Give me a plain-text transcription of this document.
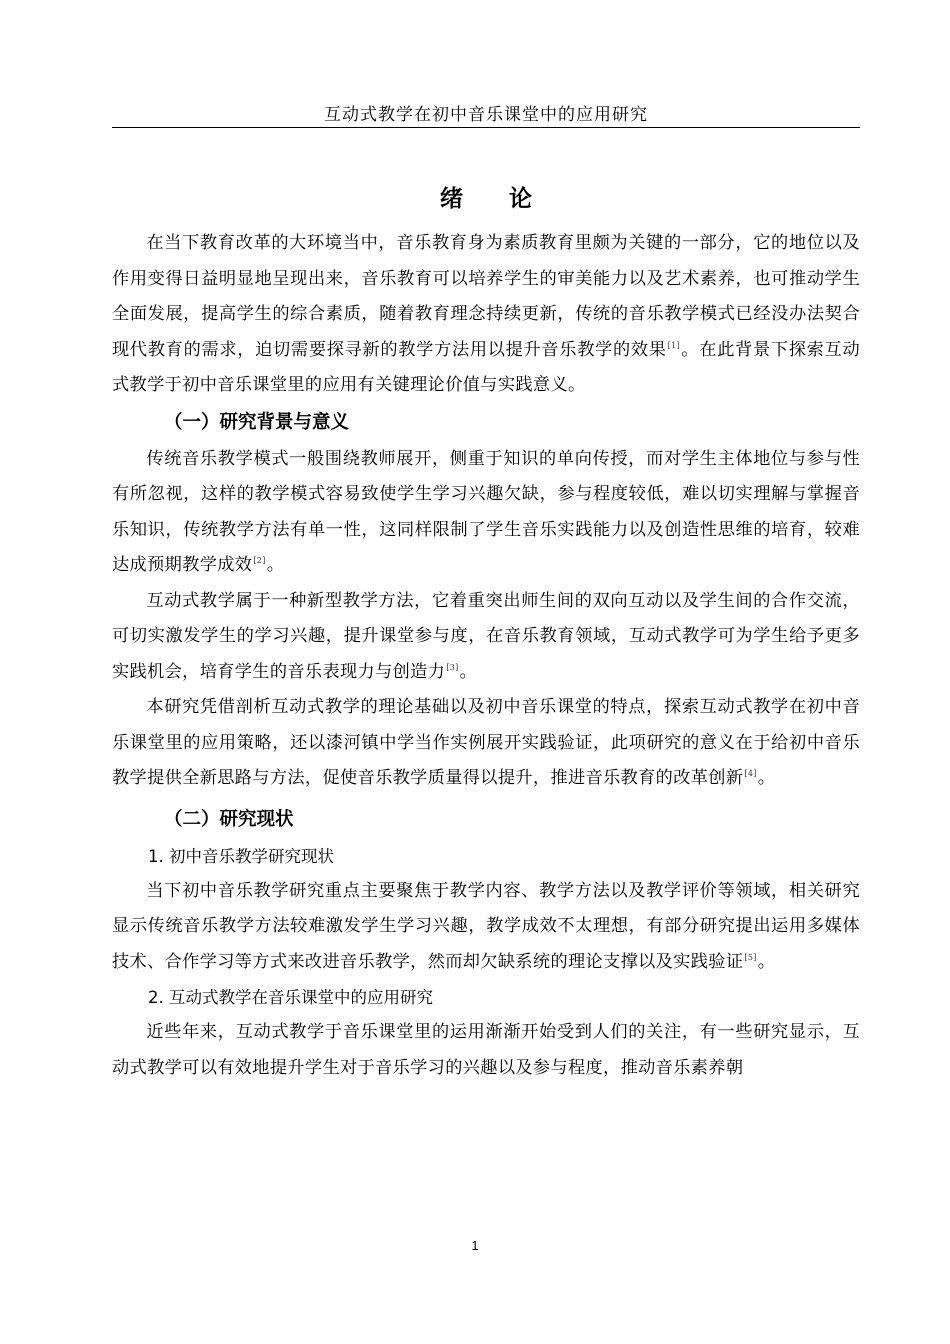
互动式教学在初中音乐课堂中的应用研究
绪 论

在当下教育改革的大环境当中，音乐教育身为素质教育里颇为关键的一部分，它的地位以及作用变得日益明显地呈现出来，音乐教育可以培养学生的审美能力以及艺术素养，也可推动学生全面发展，提高学生的综合素质，随着教育理念持续更新，传统的音乐教学模式已经没办法契合现代教育的需求，迫切需要探寻新的教学方法用以提升音乐教学的效果[1]。在此背景下探索互动式教学于初中音乐课堂里的应用有关键理论价值与实践意义。

（一）研究背景与意义

传统音乐教学模式一般围绕教师展开，侧重于知识的单向传授，而对学生主体地位与参与性有所忽视，这样的教学模式容易致使学生学习兴趣欠缺，参与程度较低，难以切实理解与掌握音乐知识，传统教学方法有单一性，这同样限制了学生音乐实践能力以及创造性思维的培育，较难达成预期教学成效[2]。

互动式教学属于一种新型教学方法，它着重突出师生间的双向互动以及学生间的合作交流，可切实激发学生的学习兴趣，提升课堂参与度，在音乐教育领域，互动式教学可为学生给予更多实践机会，培育学生的音乐表现力与创造力[3]。

本研究凭借剖析互动式教学的理论基础以及初中音乐课堂的特点，探索互动式教学在初中音乐课堂里的应用策略，还以漆河镇中学当作实例展开实践验证，此项研究的意义在于给初中音乐教学提供全新思路与方法，促使音乐教学质量得以提升，推进音乐教育的改革创新[4]。

（二）研究现状
1. 初中音乐教学研究现状

当下初中音乐教学研究重点主要聚焦于教学内容、教学方法以及教学评价等领域，相关研究显示传统音乐教学方法较难激发学生学习兴趣，教学成效不太理想，有部分研究提出运用多媒体技术、合作学习等方式来改进音乐教学，然而却欠缺系统的理论支撑以及实践验证[5]。

2. 互动式教学在音乐课堂中的应用研究

近些年来，互动式教学于音乐课堂里的运用渐渐开始受到人们的关注，有一些研究显示，互动式教学可以有效地提升学生对于音乐学习的兴趣以及参与程度，推动音乐素养朝

1
